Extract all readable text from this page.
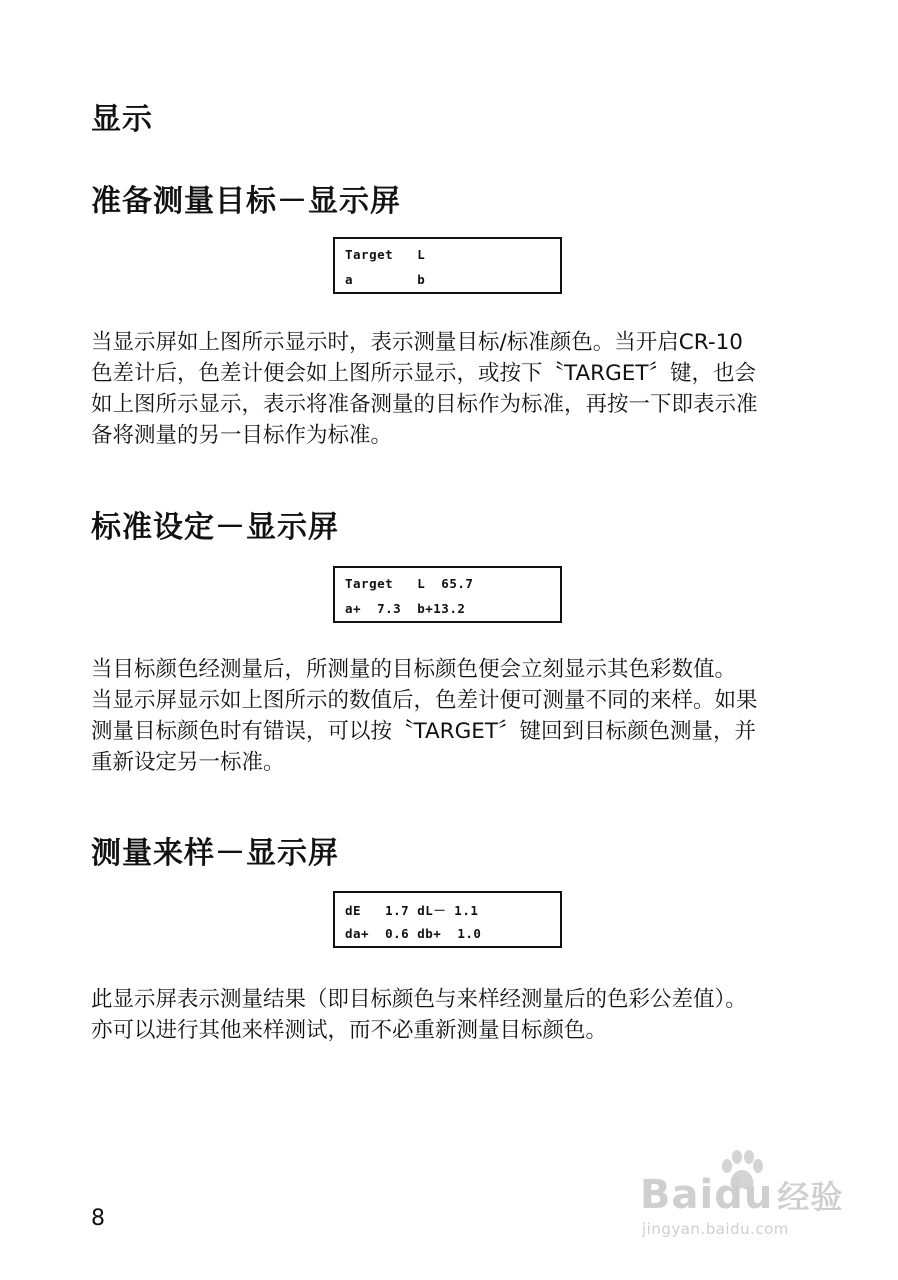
显示
准备测量目标－显示屏
Target   L
a        b

当显示屏如上图所示显示时，表示测量目标/标准颜色。当开启CR-10

色差计后，色差计便会如上图所示显示，或按下〝TARGET〞键，也会

如上图所示显示，表示将准备测量的目标作为标准，再按一下即表示准

备将测量的另一目标作为标准。

标准设定－显示屏
Target   L  65.7
a+  7.3  b+13.2

当目标颜色经测量后，所测量的目标颜色便会立刻显示其色彩数值。

当显示屏显示如上图所示的数值后，色差计便可测量不同的来样。如果

测量目标颜色时有错误，可以按〝TARGET〞键回到目标颜色测量，并

重新设定另一标准。

测量来样－显示屏
dE   1.7 dL－ 1.1
da+  0.6 db+  1.0

此显示屏表示测量结果（即目标颜色与来样经测量后的色彩公差值）。

亦可以进行其他来样测试，而不必重新测量目标颜色。

8
Baidu 经验
jingyan.baidu.com
